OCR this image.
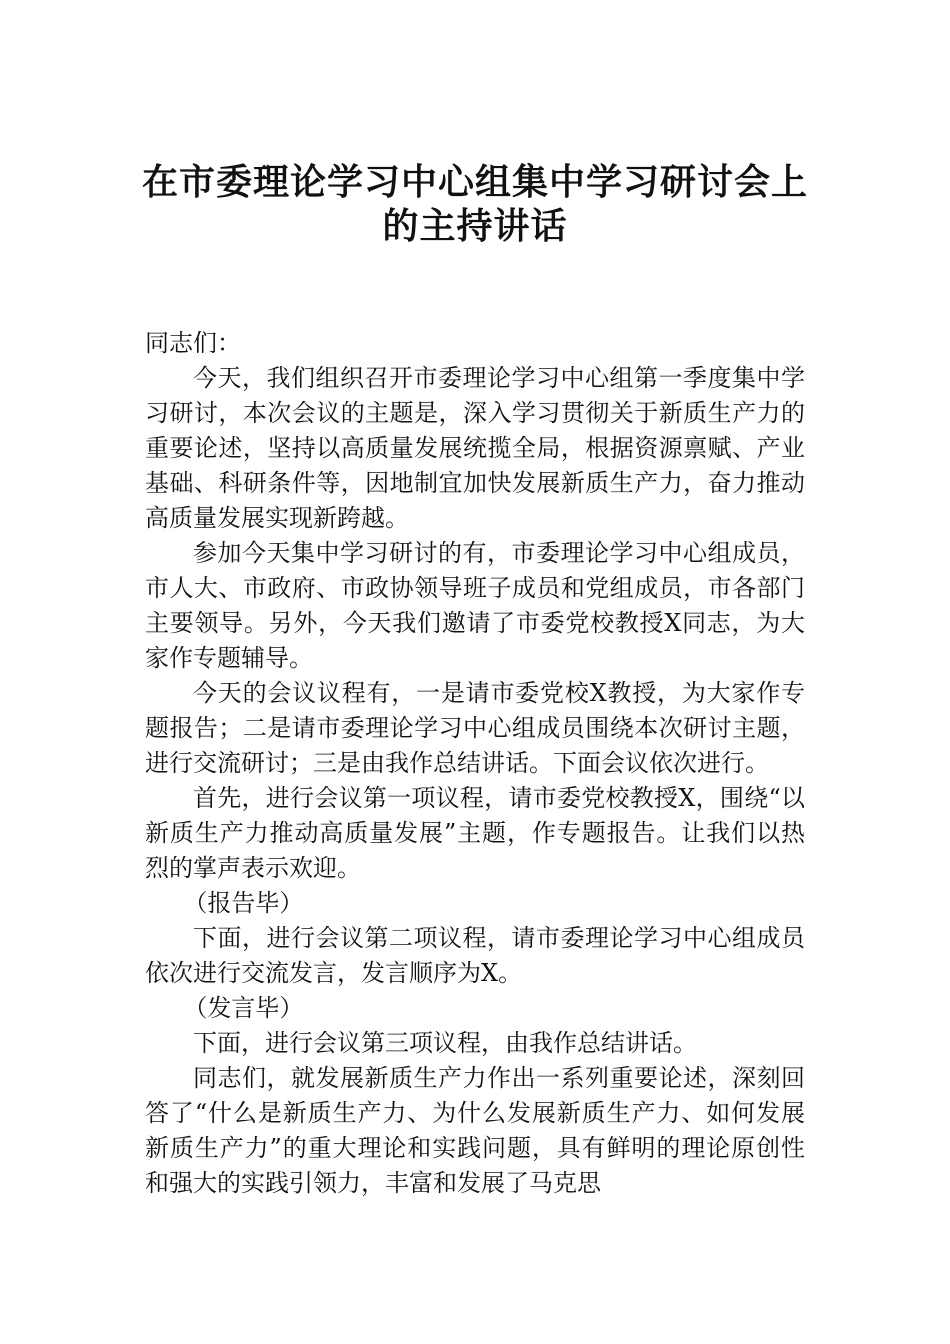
在市委理论学习中心组集中学习研讨会上
的主持讲话

同志们：

今天，我们组织召开市委理论学习中心组第一季度集中学习研讨，本次会议的主题是，深入学习贯彻关于新质生产力的重要论述，坚持以高质量发展统揽全局，根据资源禀赋、产业基础、科研条件等，因地制宜加快发展新质生产力，奋力推动高质量发展实现新跨越。

参加今天集中学习研讨的有，市委理论学习中心组成员，市人大、市政府、市政协领导班子成员和党组成员，市各部门主要领导。另外，今天我们邀请了市委党校教授X同志，为大家作专题辅导。

今天的会议议程有，一是请市委党校X教授，为大家作专题报告；二是请市委理论学习中心组成员围绕本次研讨主题，进行交流研讨；三是由我作总结讲话。下面会议依次进行。

首先，进行会议第一项议程，请市委党校教授X，围绕“以新质生产力推动高质量发展”主题，作专题报告。让我们以热烈的掌声表示欢迎。

（报告毕）

下面，进行会议第二项议程，请市委理论学习中心组成员依次进行交流发言，发言顺序为X。

（发言毕）

下面，进行会议第三项议程，由我作总结讲话。

同志们，就发展新质生产力作出一系列重要论述，深刻回答了“什么是新质生产力、为什么发展新质生产力、如何发展新质生产力”的重大理论和实践问题，具有鲜明的理论原创性和强大的实践引领力，丰富和发展了马克思
